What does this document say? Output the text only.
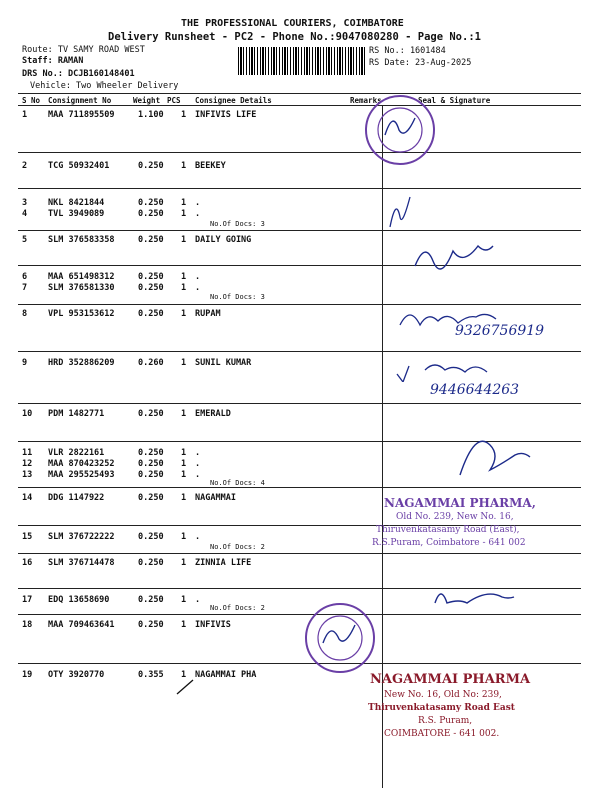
THE PROFESSIONAL COURIERS, COIMBATORE
Delivery Runsheet - PC2 - Phone No.:9047080280 - Page No.:1
Route: TV SAMY ROAD WEST
Staff: RAMAN
DRS No.: DCJB160148401
Vehicle: Two Wheeler Delivery
RS No.: 1601484
RS Date: 23-Aug-2025
S No Consignment No	Weight PCS Consignee Details	Remarks	Seal & Signature
1 MAA 711895509	1.100 1 INFIVIS LIFE
2 TCG 50932401	0.250 1 BEEKEY
3 NKL 8421844	0.250 1 .
4 TVL 3949089	0.250 1 .
5 SLM 376583358	0.250 1 DAILY GOING
6 MAA 651498312	0.250 1 .
7 SLM 376581330	0.250 1 .
8 VPL 953153612	0.250 1 RUPAM
9 HRD 352886209	0.260 1 SUNIL KUMAR
10 PDM 1482771	0.250 1 EMERALD
11 VLR 2822161	0.250 1 .
12 MAA 870423252	0.250 1 .
13 MAA 295525493	0.250 1 .
14 DDG 1147922	0.250 1 NAGAMMAI
15 SLM 376722222	0.250 1 .
16 SLM 376714478	0.250 1 ZINNIA LIFE
17 EDQ 13658690	0.250 1 .
18 MAA 709463641	0.250 1 INFIVIS
19 OTY 3920770	0.355 1 NAGAMMAI PHA
No.Of Docs: 3
No.Of Docs: 3
No.Of Docs: 4
No.Of Docs: 2
No.Of Docs: 2
9326756919
9446644263
NAGAMMAI PHARMA,
Old No. 239, New No. 16,
Thiruvenkatasamy Road (East),
R.S.Puram, Coimbatore - 641 002
NAGAMMAI PHARMA
New No. 16, Old No: 239,
Thiruvenkatasamy Road East
R.S. Puram,
COIMBATORE - 641 002.
